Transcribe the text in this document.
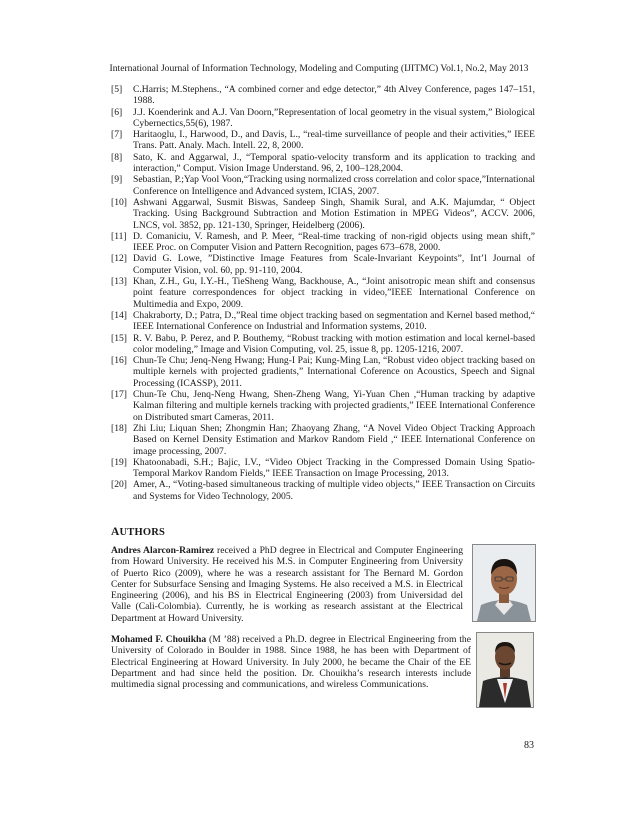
International Journal of Information Technology, Modeling and Computing (IJITMC) Vol.1, No.2, May 2013

[5] C.Harris; M.Stephens., “A combined corner and edge detector,” 4th Alvey Conference, pages 147–151, 1988.

[6] J.J. Koenderink and A.J. Van Doorn,”Representation of local geometry in the visual system,” Biological Cybernectics,55(6), 1987.

[7] Haritaoglu, I., Harwood, D., and Davis, L., “real-time surveillance of people and their activities,” IEEE Trans. Patt. Analy. Mach. Intell. 22, 8, 2000.

[8] Sato, K. and Aggarwal, J., “Temporal spatio-velocity transform and its application to tracking and interaction,” Comput. Vision Image Understand. 96, 2, 100–128,2004.

[9] Sebastian, P.;Yap Vool Voon,“Tracking using normalized cross correlation and color space,”International Conference on Intelligence and Advanced system, ICIAS, 2007.

[10] Ashwani Aggarwal, Susmit Biswas, Sandeep Singh, Shamik Sural, and A.K. Majumdar, “ Object Tracking. Using Background Subtraction and Motion Estimation in MPEG Videos”, ACCV. 2006, LNCS, vol. 3852, pp. 121-130, Springer, Heidelberg (2006).

[11] D. Comaniciu, V. Ramesh, and P. Meer, “Real-time tracking of non-rigid objects using mean shift,” IEEE Proc. on Computer Vision and Pattern Recognition, pages 673–678, 2000.

[12] David G. Lowe, ”Distinctive Image Features from Scale-Invariant Keypoints”, Int’l Journal of Computer Vision, vol. 60, pp. 91-110, 2004.

[13] Khan, Z.H., Gu, I.Y.-H., TieSheng Wang, Backhouse, A., “Joint anisotropic mean shift and consensus point feature correspondences for object tracking in video,”IEEE International Conference on Multimedia and Expo, 2009.

[14] Chakraborty, D.; Patra, D.,”Real time object tracking based on segmentation and Kernel based method,“ IEEE International Conference on Industrial and Information systems, 2010.

[15] R. V. Babu, P. Perez, and P. Bouthemy, “Robust tracking with motion estimation and local kernel-based color modeling,” Image and Vision Computing, vol. 25, issue 8, pp. 1205-1216, 2007.

[16] Chun-Te Chu; Jenq-Neng Hwang; Hung-I Pai; Kung-Ming Lan, “Robust video object tracking based on multiple kernels with projected gradients,” International Coference on Acoustics, Speech and Signal Processing (ICASSP), 2011.

[17] Chun-Te Chu, Jenq-Neng Hwang, Shen-Zheng Wang, Yi-Yuan Chen ,“Human tracking by adaptive Kalman filtering and multiple kernels tracking with projected gradients,” IEEE International Conference on Distributed smart Cameras, 2011.

[18] Zhi Liu; Liquan Shen; Zhongmin Han; Zhaoyang Zhang, “A Novel Video Object Tracking Approach Based on Kernel Density Estimation and Markov Random Field ,“ IEEE International Conference on image processing, 2007.

[19] Khatoonabadi, S.H.; Bajic, I.V., “Video Object Tracking in the Compressed Domain Using Spatio-Temporal Markov Random Fields,” IEEE Transaction on Image Processing, 2013.

[20] Amer, A., “Voting-based simultaneous tracking of multiple video objects,” IEEE Transaction on Circuits and Systems for Video Technology, 2005.

AUTHORS
Andres Alarcon-Ramirez received a PhD degree in Electrical and Computer Engineering from Howard University. He received his M.S. in Computer Engineering from University of Puerto Rico (2009), where he was a research assistant for The Bernard M. Gordon Center for Subsurface Sensing and Imaging Systems. He also received a M.S. in Electrical Engineering (2006), and his BS in Electrical Engineering (2003) from Universidad del Valle (Cali-Colombia). Currently, he is working as research assistant at the Electrical Department at Howard University.
Mohamed F. Chouikha (M ’88) received a Ph.D. degree in Electrical Engineering from the University of Colorado in Boulder in 1988. Since 1988, he has been with Department of Electrical Engineering at Howard University. In July 2000, he became the Chair of the EE Department and had since held the position. Dr. Chouikha’s research interests include multimedia signal processing and communications, and wireless Communications.
83
